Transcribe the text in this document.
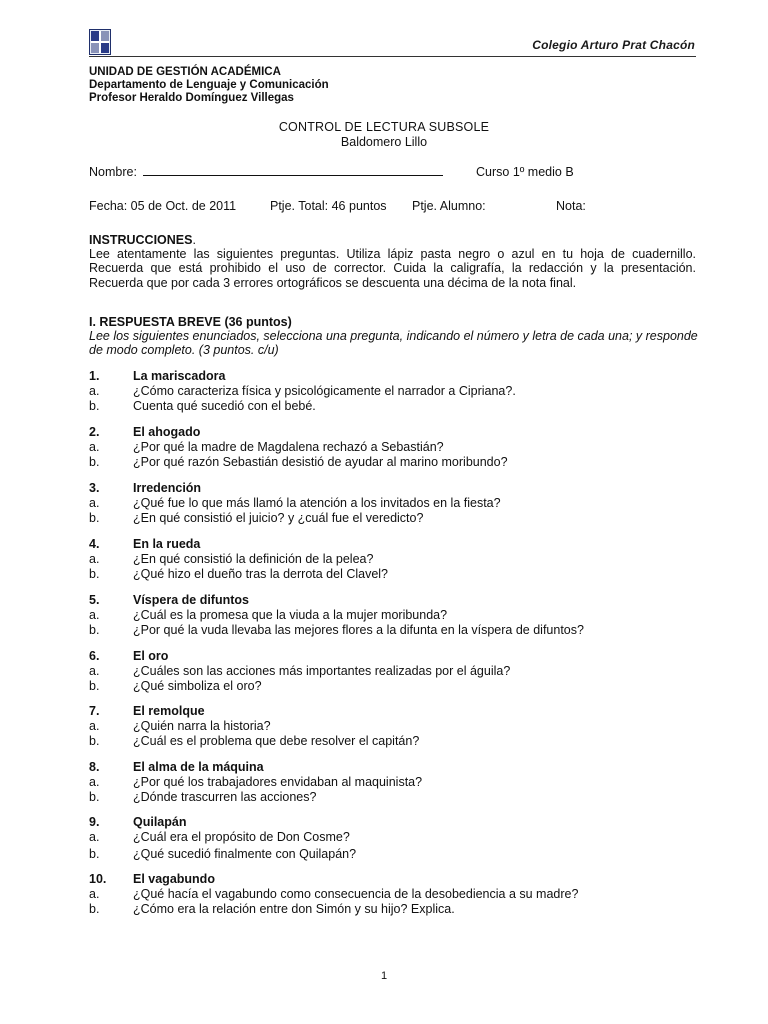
Colegio Arturo Prat Chacón
UNIDAD DE GESTIÓN ACADÉMICA
Departamento de Lenguaje y Comunicación
Profesor Heraldo Domínguez Villegas
CONTROL DE LECTURA SUBSOLE
Baldomero Lillo
Nombre:	Curso 1º medio B
Fecha: 05 de Oct. de 2011	Ptje. Total: 46 puntos Ptje. Alumno:	Nota:
INSTRUCCIONES.
Lee atentamente las siguientes preguntas. Utiliza lápiz pasta negro o azul en tu hoja de cuadernillo. Recuerda que está prohibido el uso de corrector. Cuida la caligrafía, la redacción y la presentación. Recuerda que por cada 3 errores ortográficos se descuenta una décima de la nota final.
I. RESPUESTA BREVE (36 puntos)
Lee los siguientes enunciados, selecciona una pregunta, indicando el número y letra de cada una; y responde de modo completo. (3 puntos. c/u)
1.	La mariscadora
a.	¿Cómo caracteriza física y psicológicamente el narrador a Cipriana?.
b.	Cuenta qué sucedió con el bebé.
2.	El ahogado
a.	¿Por qué la madre de Magdalena rechazó a Sebastián?
b.	¿Por qué razón Sebastián desistió de ayudar al marino moribundo?
3.	Irredención
a.	¿Qué fue lo que más llamó la atención a los invitados en la fiesta?
b.	¿En qué consistió el juicio? y ¿cuál fue el veredicto?
4.	En la rueda
a.	¿En qué consistió la definición de la pelea?
b.	¿Qué hizo el dueño tras la derrota del Clavel?
5.	Víspera de difuntos
a.	¿Cuál es la promesa que la viuda a la mujer moribunda?
b.	¿Por qué la vuda llevaba las mejores flores a la difunta en la víspera de difuntos?
6.	El oro
a.	¿Cuáles son las acciones más importantes realizadas por el águila?
b.	¿Qué simboliza el oro?
7.	El remolque
a.	¿Quién narra la historia?
b.	¿Cuál es el problema que debe resolver el capitán?
8.	El alma de la máquina
a.	¿Por qué los trabajadores envidaban al maquinista?
b.	¿Dónde trascurren las acciones?
9.	Quilapán
a.	¿Cuál era el propósito de Don Cosme?
b.	¿Qué sucedió finalmente con Quilapán?
10. El vagabundo
a.	¿Qué hacía el vagabundo como consecuencia de la desobediencia a su madre?
b.	¿Cómo era la relación entre don Simón y su hijo? Explica.
1
